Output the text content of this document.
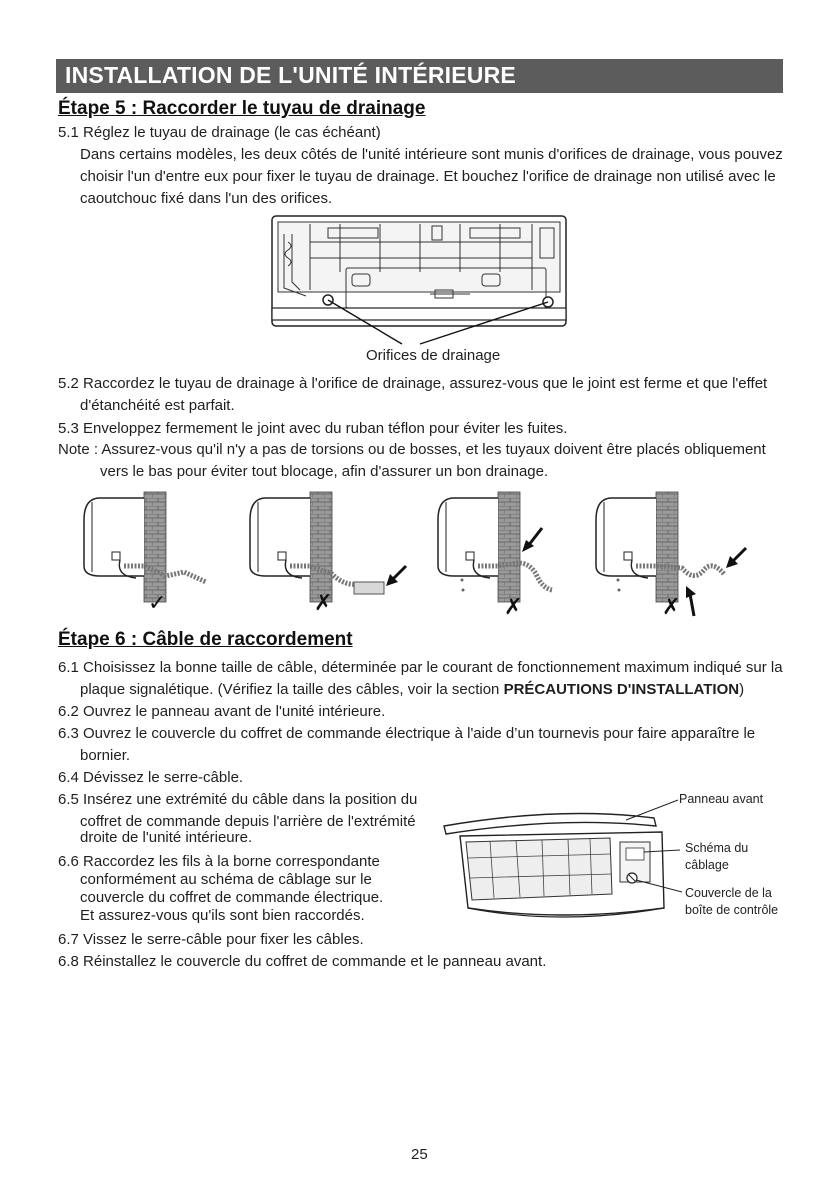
INSTALLATION DE L'UNITÉ INTÉRIEURE
Étape 5 : Raccorder le tuyau de drainage
5.1 Réglez le tuyau de drainage (le cas échéant)
Dans certains modèles, les deux côtés de l'unité intérieure sont munis d'orifices de drainage, vous pouvez
choisir l'un d'entre eux pour fixer le tuyau de drainage. Et bouchez l'orifice de drainage non utilisé avec le
caoutchouc fixé dans l'un des orifices.
Orifices de drainage
5.2 Raccordez le tuyau de drainage à l'orifice de drainage, assurez-vous que le joint est ferme et que l'effet
d'étanchéité est parfait.
5.3 Enveloppez fermement le joint avec du ruban téflon pour éviter les fuites.
Note : Assurez-vous qu'il n'y a pas de torsions ou de bosses, et les tuyaux doivent être placés obliquement
vers le bas pour éviter tout blocage, afin d'assurer un bon drainage.
✓	✗	✗	✗
Étape 6 : Câble de raccordement
6.1 Choisissez la bonne taille de câble, déterminée par le courant de fonctionnement maximum indiqué sur la
plaque signalétique. (Vérifiez la taille des câbles, voir la section PRÉCAUTIONS D'INSTALLATION)
6.2 Ouvrez le panneau avant de l'unité intérieure.
6.3 Ouvrez le couvercle du coffret de commande électrique à l'aide d’un tournevis pour faire apparaître le
bornier.
6.4 Dévissez le serre-câble.
6.5 Insérez une extrémité du câble dans la position du
coffret de commande depuis l'arrière de l'extrémité
droite de l'unité intérieure.
6.6 Raccordez les fils à la borne correspondante
conformément au schéma de câblage sur le
couvercle du coffret de commande électrique.
Et assurez-vous qu'ils sont bien raccordés.
6.7 Vissez le serre-câble pour fixer les câbles.
6.8 Réinstallez le couvercle du coffret de commande et le panneau avant.
Panneau avant
Schéma du
câblage
Couvercle de la
boîte de contrôle
25
